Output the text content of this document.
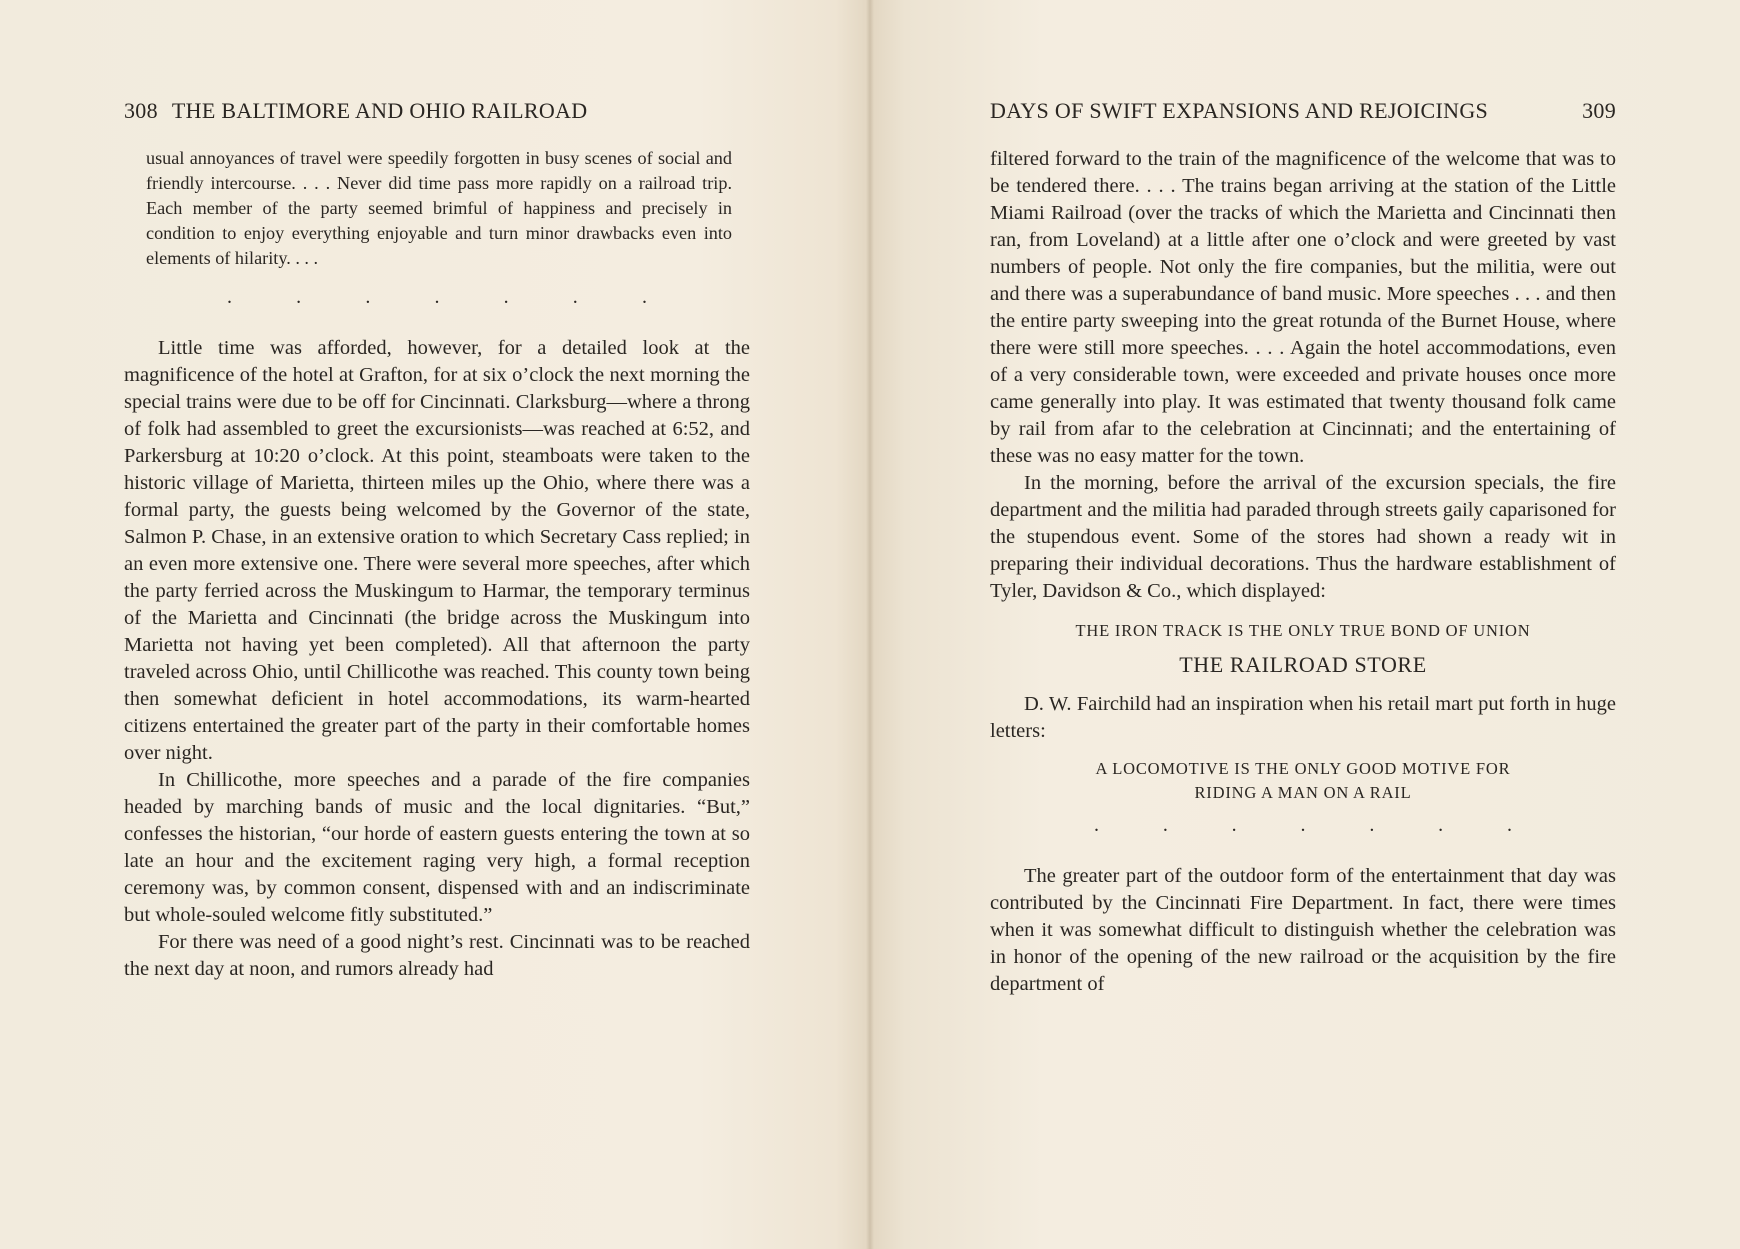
308 THE BALTIMORE AND OHIO RAILROAD

usual annoyances of travel were speedily forgotten in busy scenes of social and friendly intercourse. . . . Never did time pass more rapidly on a railroad trip. Each member of the party seemed brimful of happiness and precisely in condition to enjoy everything enjoyable and turn minor drawbacks even into elements of hilarity. . . .

.	.	.	.	.	.	.

Little time was afforded, however, for a detailed look at the magnificence of the hotel at Grafton, for at six o’clock the next morning the special trains were due to be off for Cincinnati. Clarksburg—where a throng of folk had assembled to greet the excursionists—was reached at 6:52, and Parkersburg at 10:20 o’clock. At this point, steamboats were taken to the historic village of Marietta, thirteen miles up the Ohio, where there was a formal party, the guests being welcomed by the Governor of the state, Salmon P. Chase, in an extensive oration to which Secretary Cass replied; in an even more extensive one. There were several more speeches, after which the party ferried across the Muskingum to Harmar, the temporary terminus of the Marietta and Cincinnati (the bridge across the Muskingum into Marietta not having yet been completed). All that afternoon the party traveled across Ohio, until Chillicothe was reached. This county town being then somewhat deficient in hotel accommodations, its warm-hearted citizens entertained the greater part of the party in their comfortable homes over night.

In Chillicothe, more speeches and a parade of the fire companies headed by marching bands of music and the local dignitaries. “But,” confesses the historian, “our horde of eastern guests entering the town at so late an hour and the excitement raging very high, a formal reception ceremony was, by common consent, dispensed with and an indiscriminate but whole-souled welcome fitly substituted.”

For there was need of a good night’s rest. Cincinnati was to be reached the next day at noon, and rumors already had

DAYS OF SWIFT EXPANSIONS AND REJOICINGS	309

filtered forward to the train of the magnificence of the welcome that was to be tendered there. . . . The trains began arriving at the station of the Little Miami Railroad (over the tracks of which the Marietta and Cincinnati then ran, from Loveland) at a little after one o’clock and were greeted by vast numbers of people. Not only the fire companies, but the militia, were out and there was a superabundance of band music. More speeches . . . and then the entire party sweeping into the great rotunda of the Burnet House, where there were still more speeches. . . . Again the hotel accommodations, even of a very considerable town, were exceeded and private houses once more came generally into play. It was estimated that twenty thousand folk came by rail from afar to the celebration at Cincinnati; and the entertaining of these was no easy matter for the town.

In the morning, before the arrival of the excursion specials, the fire department and the militia had paraded through streets gaily caparisoned for the stupendous event. Some of the stores had shown a ready wit in preparing their individual decorations. Thus the hardware establishment of Tyler, Davidson & Co., which displayed:

THE IRON TRACK IS THE ONLY TRUE BOND OF UNION
THE RAILROAD STORE

D. W. Fairchild had an inspiration when his retail mart put forth in huge letters:

A LOCOMOTIVE IS THE ONLY GOOD MOTIVE FOR
RIDING A MAN ON A RAIL
.	.	.	.	.	.	.

The greater part of the outdoor form of the entertainment that day was contributed by the Cincinnati Fire Department. In fact, there were times when it was somewhat difficult to distinguish whether the celebration was in honor of the opening of the new railroad or the acquisition by the fire department of
